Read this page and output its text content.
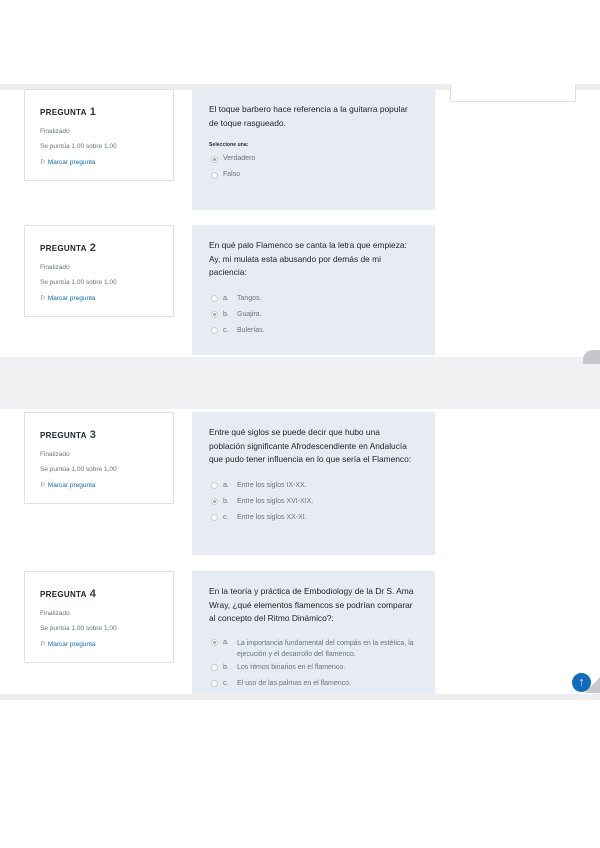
PREGUNTA 1
Finalizado
Se puntúa 1,00 sobre 1,00
⚐ Marcar pregunta
El toque barbero hace referencia a la guitarra popular de toque rasgueado.
Seleccione una:
Verdadero
Falso
PREGUNTA 2
Finalizado
Se puntúa 1,00 sobre 1,00
⚐ Marcar pregunta
En qué palo Flamenco se canta la letra que empieza: Ay, mi mulata esta abusando por demás de mi paciencia:
a.	Tangos.
b.	Guajira.
c.	Bulerías.
PREGUNTA 3
Finalizado
Se puntúa 1,00 sobre 1,00
⚐ Marcar pregunta
Entre qué siglos se puede decir que hubo una población significante Afrodescendiente en Andalucía que pudo tener influencia en lo que sería el Flamenco:
a.	Entre los siglos IX-XX.
b.	Entre los siglos XVI-XIX.
c.	Entre los siglos XX-XI.
PREGUNTA 4
Finalizado
Se puntúa 1,00 sobre 1,00
⚐ Marcar pregunta
En la teoría y práctica de Embodiology de la Dr S. Ama Wray, ¿qué elementos flamencos se podrían comparar al concepto del Ritmo Dinámico?:
a.	La importancia fundamental del compás en la estética, la ejecución y el desarrollo del flamenco.
b.	Los ritmos binarios en el flamenco.
c.	El uso de las palmas en el flamenco.	↑
